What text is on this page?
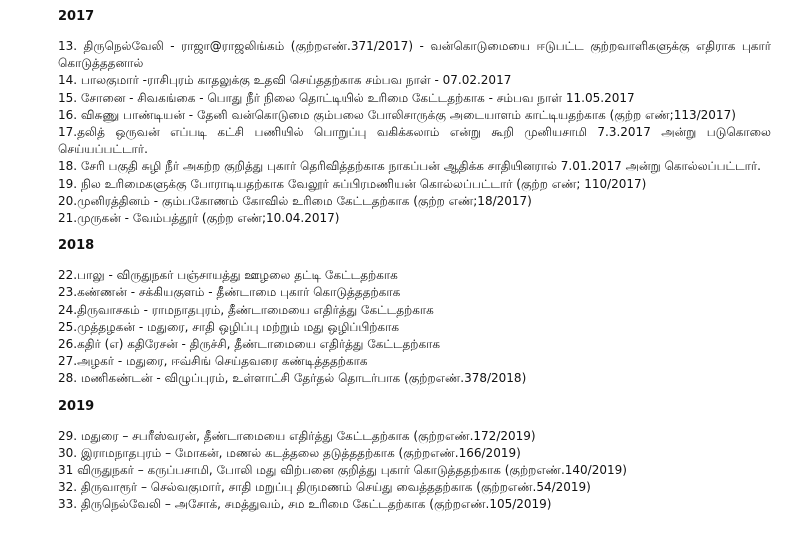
2017

13. திருநெல்வேலி - ராஜா@ராஜலிங்கம் (குற்றஎண்.371/2017) - வன்கொடுமையை ஈடுபட்ட குற்றவாளிகளுக்கு எதிராக புகார் கொடுத்ததனால்

14. பாலகுமார் -ராசிபுரம் காதலுக்கு உதவி செய்ததற்காக சம்பவ நாள் - 07.02.2017

15. சோனை - சிவகங்கை - பொது நீர் நிலை தொட்டியில் உரிமை கேட்டதற்காக - சம்பவ நாள் 11.05.2017

16. விசுணு பாண்டியன் - தேனி வன்கொடுமை கும்பலை போலிசாருக்கு அடையாளம் காட்டியதற்காக (குற்ற எண்;113/2017)

17.தலித் ஒருவன் எப்படி கட்சி பணியில் பொறுப்பு வகிக்கலாம் என்று கூறி முனியசாமி 7.3.2017 அன்று படுகொலை செய்யப்பட்டார்.

18. சேரி பகுதி சுழி நீர் அகற்ற குறித்து புகார் தெரிவித்தற்காக நாகப்பன் ஆதிக்க சாதியினரால் 7.01.2017 அன்று கொல்லப்பட்டார்.

19. நில உரிமைகளுக்கு போராடியதற்காக வேலூர் சுப்பிரமணியன் கொல்லப்பட்டார் (குற்ற எண்; 110/2017)

20.முனிரத்தினம் - கும்பகோணம் கோவில் உரிமை கேட்டதற்காக (குற்ற எண்;18/2017)

21.முருகன் - வேம்பத்தூர் (குற்ற எண்;10.04.2017)

2018

22.பாலு - விருதுநகர் பஞ்சாயத்து ஊழலை தட்டி கேட்டதற்காக

23.கண்ணன் - சக்கியகுளம் - தீண்டாமை புகார் கொடுத்ததற்காக

24.திருவாசகம் - ராமநாதபுரம், தீண்டாமையை எதிர்த்து கேட்டதற்காக

25.முத்தழகன் - மதுரை, சாதி ஒழிப்பு மற்றும் மது ஒழிப்பிற்காக

26.கதிர் (எ) கதிரேசன் - திருச்சி, தீண்டாமையை எதிர்த்து கேட்டதற்காக

27.அழகர் - மதுரை, ஈவ்சிங் செய்தவரை கண்டித்ததற்காக

28. மணிகண்டன் - விழுப்புரம், உள்ளாட்சி தேர்தல் தொடர்பாக (குற்றஎண்.378/2018)

2019

29. மதுரை – சபரீஸ்வரன், தீண்டாமையை எதிர்த்து கேட்டதற்காக (குற்றஎண்.172/2019)

30. இராமநாதபுரம் – மோகன், மணல் கடத்தலை தடுத்ததற்காக (குற்றஎண்.166/2019)

31 விருதுநகர் – கருப்பசாமி, போலி மது விற்பனை குறித்து புகார் கொடுத்ததற்காக (குற்றஎண்.140/2019)

32. திருவாரூர் – செல்வகுமார், சாதி மறுப்பு திருமணம் செய்து வைத்ததற்காக (குற்றஎண்.54/2019)

33. திருநெல்வேலி – அசோக், சமத்துவம், சம உரிமை கேட்டதற்காக (குற்றஎண்.105/2019)
